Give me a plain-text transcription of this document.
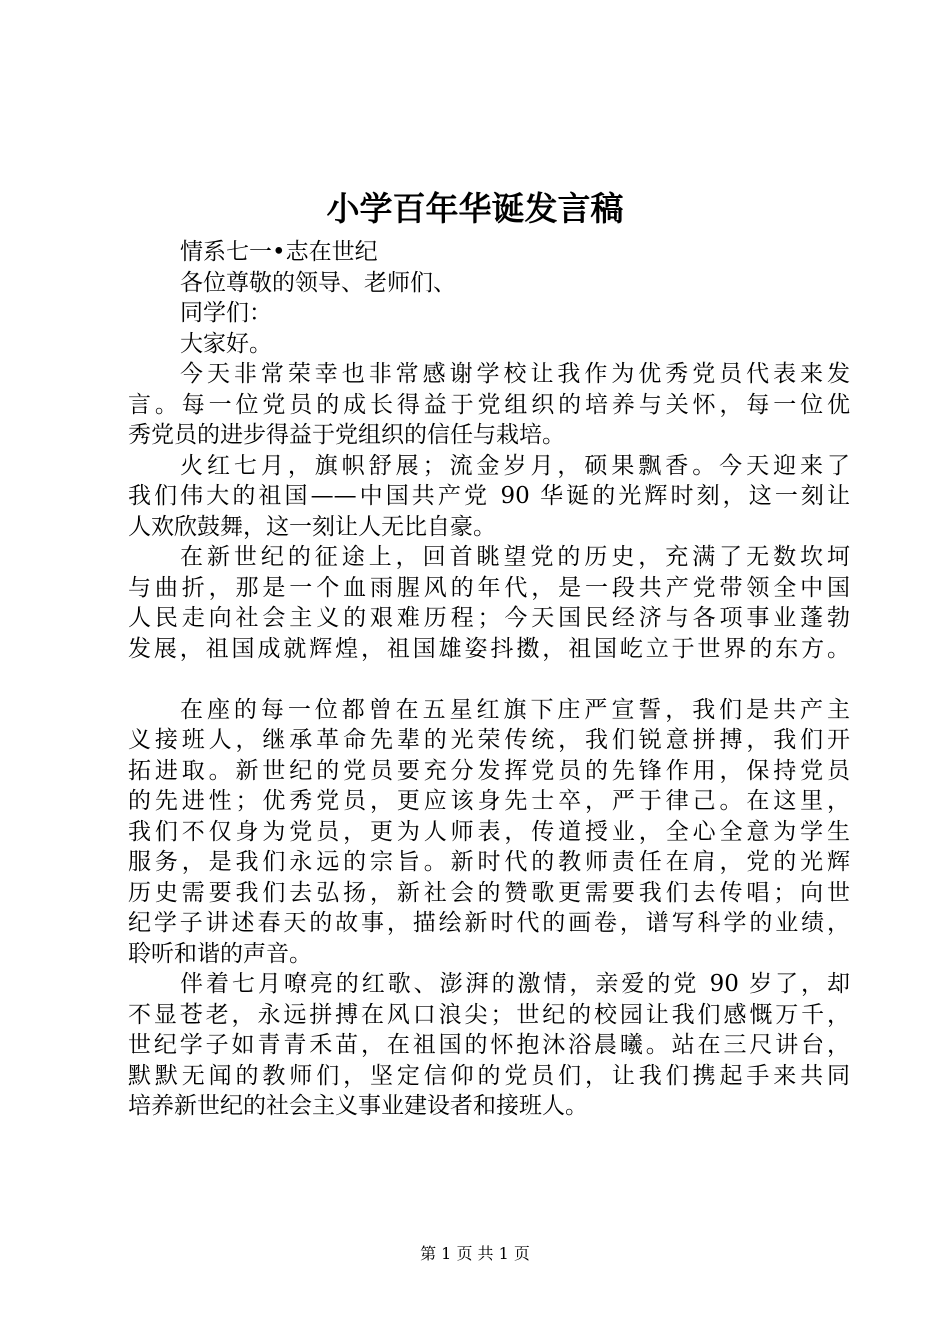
小学百年华诞发言稿
情系七一•志在世纪
各位尊敬的领导、老师们、
同学们：
大家好。
今天非常荣幸也非常感谢学校让我作为优秀党员代表来发
言。每一位党员的成长得益于党组织的培养与关怀，每一位优
秀党员的进步得益于党组织的信任与栽培。
火红七月，旗帜舒展；流金岁月，硕果飘香。今天迎来了
我们伟大的祖国——中国共产党 90 华诞的光辉时刻，这一刻让
人欢欣鼓舞，这一刻让人无比自豪。
在新世纪的征途上，回首眺望党的历史，充满了无数坎坷
与曲折，那是一个血雨腥风的年代，是一段共产党带领全中国
人民走向社会主义的艰难历程；今天国民经济与各项事业蓬勃
发展，祖国成就辉煌，祖国雄姿抖擞，祖国屹立于世界的东方。
在座的每一位都曾在五星红旗下庄严宣誓，我们是共产主
义接班人，继承革命先辈的光荣传统，我们锐意拼搏，我们开
拓进取。新世纪的党员要充分发挥党员的先锋作用，保持党员
的先进性；优秀党员，更应该身先士卒，严于律己。在这里，
我们不仅身为党员，更为人师表，传道授业，全心全意为学生
服务，是我们永远的宗旨。新时代的教师责任在肩，党的光辉
历史需要我们去弘扬，新社会的赞歌更需要我们去传唱；向世
纪学子讲述春天的故事，描绘新时代的画卷，谱写科学的业绩，
聆听和谐的声音。
伴着七月嘹亮的红歌、澎湃的激情，亲爱的党 90 岁了，却
不显苍老，永远拼搏在风口浪尖；世纪的校园让我们感慨万千，
世纪学子如青青禾苗，在祖国的怀抱沐浴晨曦。站在三尺讲台，
默默无闻的教师们，坚定信仰的党员们，让我们携起手来共同
培养新世纪的社会主义事业建设者和接班人。
第 1 页 共 1 页
